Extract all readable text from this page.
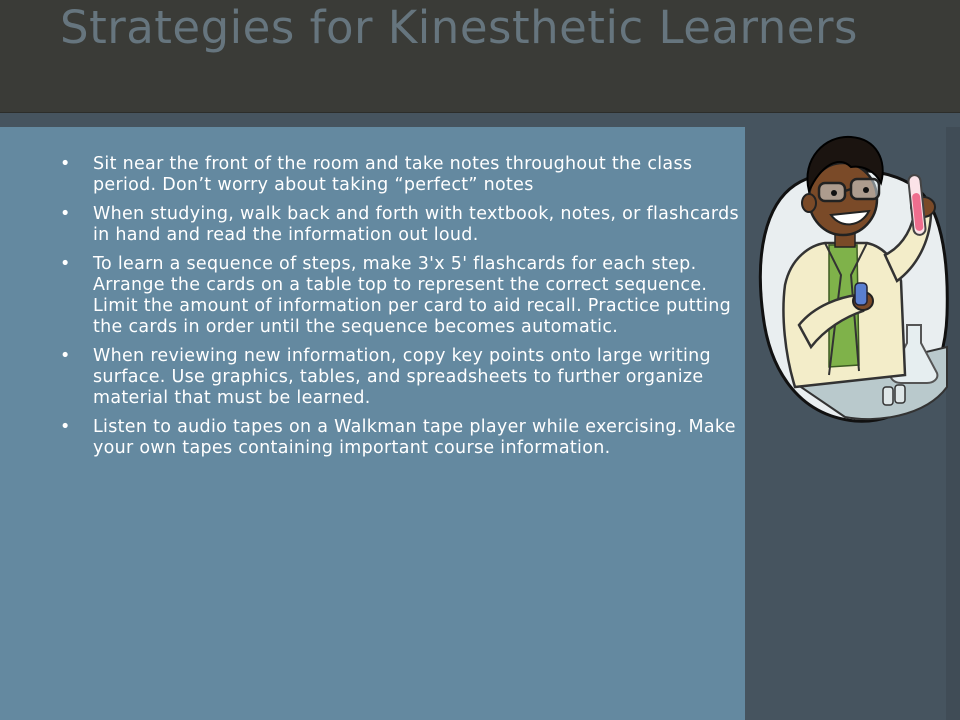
Strategies for Kinesthetic Learners
• Sit near the front of the room and take notes throughout the class period. Don’t worry about taking “perfect” notes
• When studying, walk back and forth with textbook, notes, or flashcards in hand and read the information out loud.
• To learn a sequence of steps, make 3'x 5' flashcards for each step. Arrange the cards on a table top to represent the correct sequence. Limit the amount of information per card to aid recall. Practice putting the cards in order until the sequence becomes automatic.
• When reviewing new information, copy key points onto large writing surface. Use graphics, tables, and spreadsheets to further organize material that must be learned.
• Listen to audio tapes on a Walkman tape player while exercising. Make your own tapes containing important course information.
